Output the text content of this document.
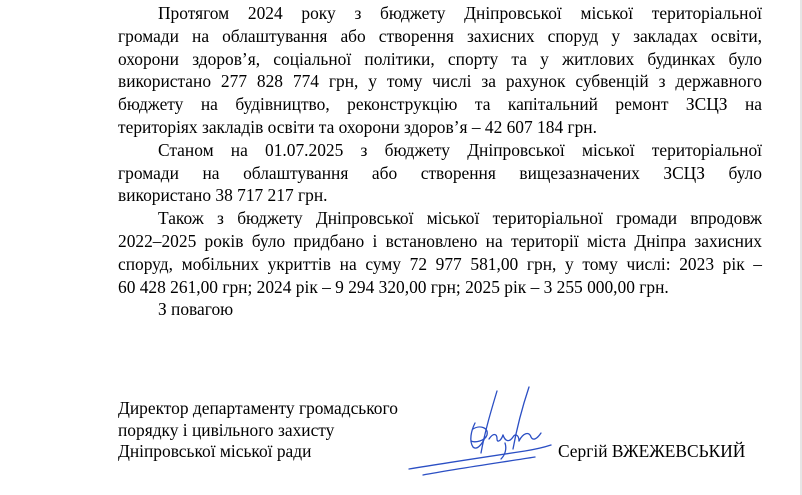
Протягом 2024 року з бюджету Дніпровської міської територіальної
громади на облаштування або створення захисних споруд у закладах освіти,
охорони здоров’я, соціальної політики, спорту та у житлових будинках було
використано 277 828 774 грн, у тому числі за рахунок субвенцій з державного
бюджету на будівництво, реконструкцію та капітальний ремонт ЗСЦЗ на
територіях закладів освіти та охорони здоров’я – 42 607 184 грн.

Станом на 01.07.2025 з бюджету Дніпровської міської територіальної
громади на облаштування або створення вищезазначених ЗСЦЗ було
використано 38 717 217 грн.

Також з бюджету Дніпровської міської територіальної громади впродовж
2022–2025 років було придбано і встановлено на території міста Дніпра захисних
споруд, мобільних укриттів на суму 72 977 581,00 грн, у тому числі: 2023 рік –
60 428 261,00 грн; 2024 рік – 9 294 320,00 грн; 2025 рік – 3 255 000,00 грн.

З повагою

Директор департаменту громадського
порядку і цивільного захисту
Дніпровської міської ради	Сергій ВЖЕЖЕВСЬКИЙ
